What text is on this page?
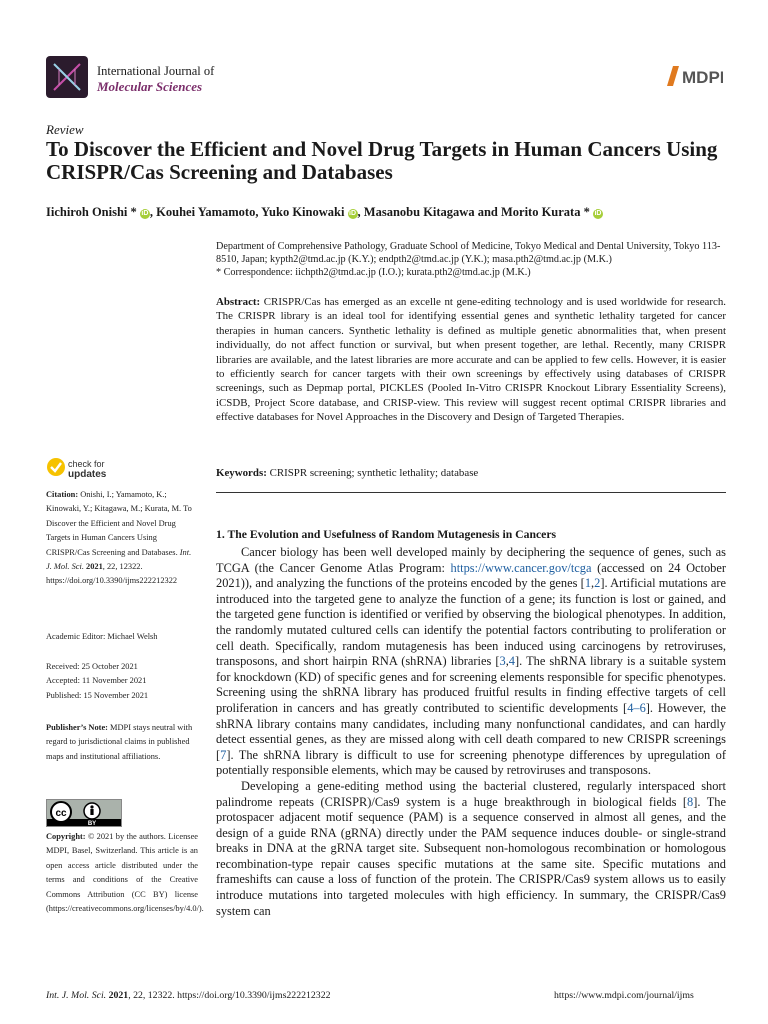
International Journal of
Molecular Sciences	MDPI
Review
To Discover the Efficient and Novel Drug Targets in Human Cancers Using CRISPR/Cas Screening and Databases
Iichiroh Onishi * iD , Kouhei Yamamoto, Yuko Kinowaki iD , Masanobu Kitagawa and Morito Kurata * iD
Department of Comprehensive Pathology, Graduate School of Medicine, Tokyo Medical and Dental University, Tokyo 113-8510, Japan; kypth2@tmd.ac.jp (K.Y.); endpth2@tmd.ac.jp (Y.K.); masa.pth2@tmd.ac.jp (M.K.)
* Correspondence: iichpth2@tmd.ac.jp (I.O.); kurata.pth2@tmd.ac.jp (M.K.)
Abstract: CRISPR/Cas has emerged as an excelle nt gene-editing technology and is used worldwide for research. The CRISPR library is an ideal tool for identifying essential genes and synthetic lethality targeted for cancer therapies in human cancers. Synthetic lethality is defined as multiple genetic abnormalities that, when present individually, do not affect function or survival, but when present together, are lethal. Recently, many CRISPR libraries are available, and the latest libraries are more accurate and can be applied to few cells. However, it is easier to efficiently search for cancer targets with their own screenings by effectively using databases of CRISPR screenings, such as Depmap portal, PICKLES (Pooled In-Vitro CRISPR Knockout Library Essentiality Screens), iCSDB, Project Score database, and CRISP-view. This review will suggest recent optimal CRISPR libraries and effective databases for Novel Approaches in the Discovery and Design of Targeted Therapies.
Keywords: CRISPR screening; synthetic lethality; database
check for
updates
Citation: Onishi, I.; Yamamoto, K.; Kinowaki, Y.; Kitagawa, M.; Kurata, M. To Discover the Efficient and Novel Drug Targets in Human Cancers Using CRISPR/Cas Screening and Databases. Int. J. Mol. Sci. 2021, 22, 12322. https://doi.org/10.3390/ijms222212322
Academic Editor: Michael Welsh
Received: 25 October 2021
Accepted: 11 November 2021
Published: 15 November 2021
Publisher’s Note: MDPI stays neutral with regard to jurisdictional claims in published maps and institutional affiliations.
cc
BY
Copyright: © 2021 by the authors. Licensee MDPI, Basel, Switzerland. This article is an open access article distributed under the terms and conditions of the Creative Commons Attribution (CC BY) license (https://creativecommons.org/licenses/by/4.0/).
1. The Evolution and Usefulness of Random Mutagenesis in Cancers

Cancer biology has been well developed mainly by deciphering the sequence of genes, such as TCGA (the Cancer Genome Atlas Program: https://www.cancer.gov/tcga (accessed on 24 October 2021)), and analyzing the functions of the proteins encoded by the genes [1,2]. Artificial mutations are introduced into the targeted gene to analyze the function of a gene; its function is lost or gained, and the targeted gene function is identified or verified by observing the biological phenotypes. In addition, the randomly mutated cultured cells can identify the potential factors contributing to proliferation or cell death. Specifically, random mutagenesis has been induced using carcinogens by retroviruses, transposons, and short hairpin RNA (shRNA) libraries [3,4]. The shRNA library is a suitable system for knockdown (KD) of specific genes and for screening elements responsible for specific phenotypes. Screening using the shRNA library has produced fruitful results in finding effective targets of cell proliferation in cancers and has greatly contributed to scientific developments [4–6]. However, the shRNA library contains many candidates, including many nonfunctional candidates, and can hardly detect essential genes, as they are missed along with cell death compared to new CRISPR screenings [7]. The shRNA library is difficult to use for screening phenotype differences by upregulation of potentially responsible elements, which may be caused by retroviruses and transposons.

Developing a gene-editing method using the bacterial clustered, regularly interspaced short palindrome repeats (CRISPR)/Cas9 system is a huge breakthrough in biological fields [8]. The protospacer adjacent motif sequence (PAM) is a sequence conserved in almost all genes, and the design of a guide RNA (gRNA) directly under the PAM sequence induces double- or single-strand breaks in DNA at the gRNA target site. Subsequent non-homologous recombination or homologous recombination-type repair causes specific mutations at the same site. Specific mutations and frameshifts can cause a loss of function of the protein. The CRISPR/Cas9 system allows us to easily introduce mutations into targeted molecules with high efficiency. In summary, the CRISPR/Cas9 system can

Int. J. Mol. Sci. 2021, 22, 12322. https://doi.org/10.3390/ijms222212322	https://www.mdpi.com/journal/ijms
